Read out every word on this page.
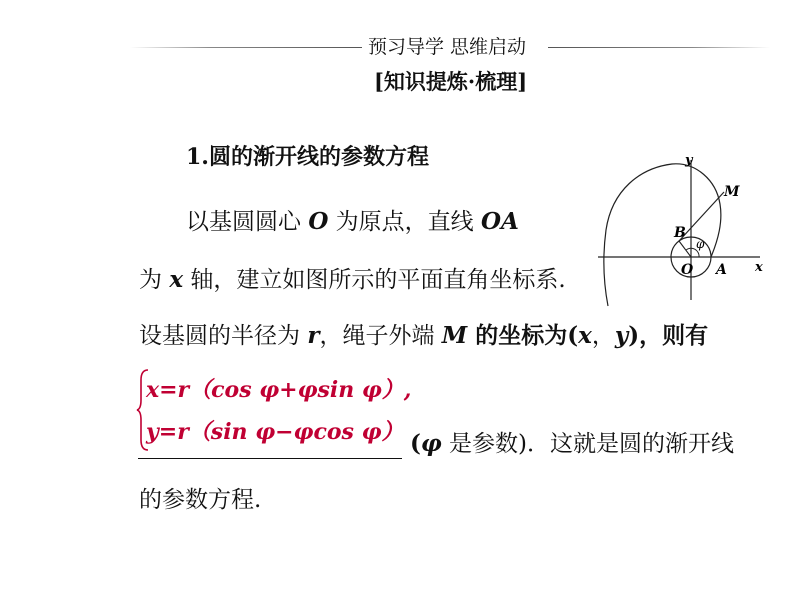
预习导学 思维启动
[知识提炼·梳理]
1.圆的渐开线的参数方程
以基圆圆心 O 为原点，直线 OA
为 x 轴，建立如图所示的平面直角坐标系.
设基圆的半径为 r，绳子外端 M 的坐标为(x，y)，则有
x=r（cos φ+φsin φ）,
y=r（sin φ−φcos φ） (φ 是参数)．这就是圆的渐开线
的参数方程.
y
x
M
B
O A
φ
